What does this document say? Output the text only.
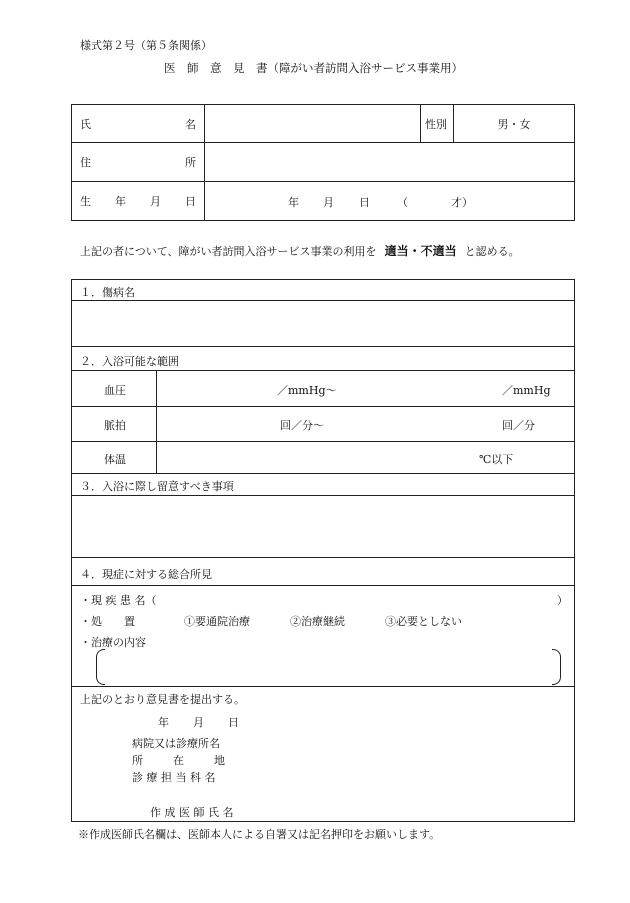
様式第２号（第５条関係）
医　師　意　見　書（障がい者訪問入浴サービス事業用）
氏 名		性別	男・女

住 所			

生 年 月 日	年 月 日 （ 才）		
上記の者について、障がい者訪問入浴サービス事業の利用を 適当・不適当 と認める。
１．傷病名
２．入浴可能な範囲
血圧	／mmHg～	／mmHg
脈拍	回／分～	回／分
体温	℃以下
３．入浴に際し留意すべき事項
４．現症に対する総合所見
・現 疾 患 名（	）
・処　　置	①要通院治療	②治療継続	③必要としない
・治療の内容
上記のとおり意見書を提出する。
年 月 日
病院又は診療所名
所	在	地
診 療 担 当 科 名
作 成 医 師 氏 名
※作成医師氏名欄は、医師本人による自署又は記名押印をお願いします。
